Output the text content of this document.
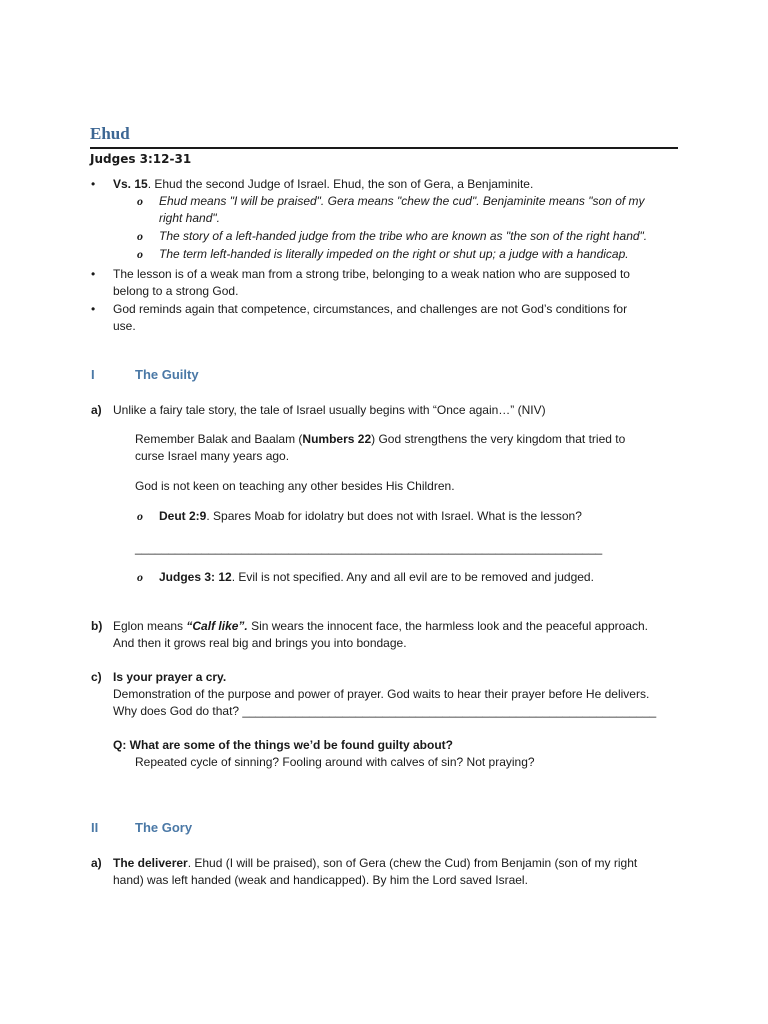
Ehud
Judges 3:12-31
• Vs. 15. Ehud the second Judge of Israel. Ehud, the son of Gera, a Benjaminite.
o Ehud means "I will be praised". Gera means "chew the cud". Benjaminite means "son of my
right hand".
o The story of a left-handed judge from the tribe who are known as "the son of the right hand".
o The term left-handed is literally impeded on the right or shut up; a judge with a handicap.
• The lesson is of a weak man from a strong tribe, belonging to a weak nation who are supposed to
belong to a strong God.
• God reminds again that competence, circumstances, and challenges are not God’s conditions for
use.
I	The Guilty
a) Unlike a fairy tale story, the tale of Israel usually begins with “Once again…” (NIV)
Remember Balak and Baalam (Numbers 22) God strengthens the very kingdom that tried to
curse Israel many years ago.
God is not keen on teaching any other besides His Children.
o Deut 2:9. Spares Moab for idolatry but does not with Israel. What is the lesson?
______________________________________________________________________
o Judges 3: 12. Evil is not specified. Any and all evil are to be removed and judged.
b) Eglon means “Calf like”. Sin wears the innocent face, the harmless look and the peaceful approach.
And then it grows real big and brings you into bondage.
c) Is your prayer a cry.
Demonstration of the purpose and power of prayer. God waits to hear their prayer before He delivers.
Why does God do that? ______________________________________________________________
Q: What are some of the things we’d be found guilty about?
Repeated cycle of sinning? Fooling around with calves of sin? Not praying?
II	The Gory
a) The deliverer. Ehud (I will be praised), son of Gera (chew the Cud) from Benjamin (son of my right
hand) was left handed (weak and handicapped). By him the Lord saved Israel.
